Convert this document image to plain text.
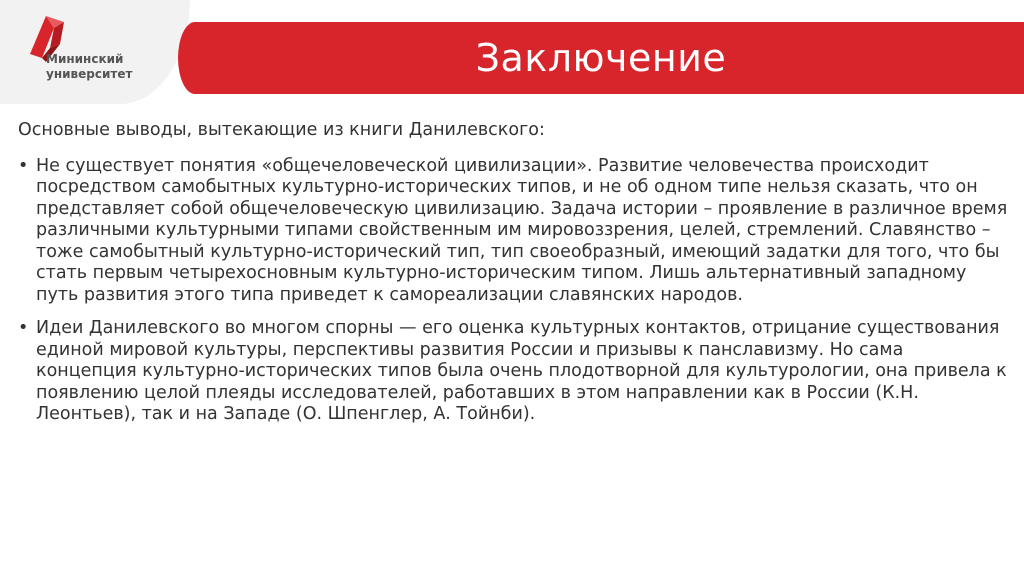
Мининский
университет	Заключение

Основные выводы, вытекающие из книги Данилевского:

• Не существует понятия «общечеловеческой цивилизации». Развитие человечества происходит посредством самобытных культурно-исторических типов, и не об одном типе нельзя сказать, что он представляет собой общечеловеческую цивилизацию. Задача истории – проявление в различное время различными культурными типами свойственным им мировоззрения, целей, стремлений. Славянство – тоже самобытный культурно-исторический тип, тип своеобразный, имеющий задатки для того, что бы стать первым четырехосновным культурно-историческим типом. Лишь альтернативный западному путь развития этого типа приведет к самореализации славянских народов.
• Идеи Данилевского во многом спорны — его оценка культурных контактов, отрицание существования единой мировой культуры, перспективы развития России и призывы к панславизму. Но сама концепция культурно-исторических типов была очень плодотворной для культурологии, она привела к появлению целой плеяды исследователей, работавших в этом направлении как в России (К.Н. Леонтьев), так и на Западе (О. Шпенглер, А. Тойнби).
